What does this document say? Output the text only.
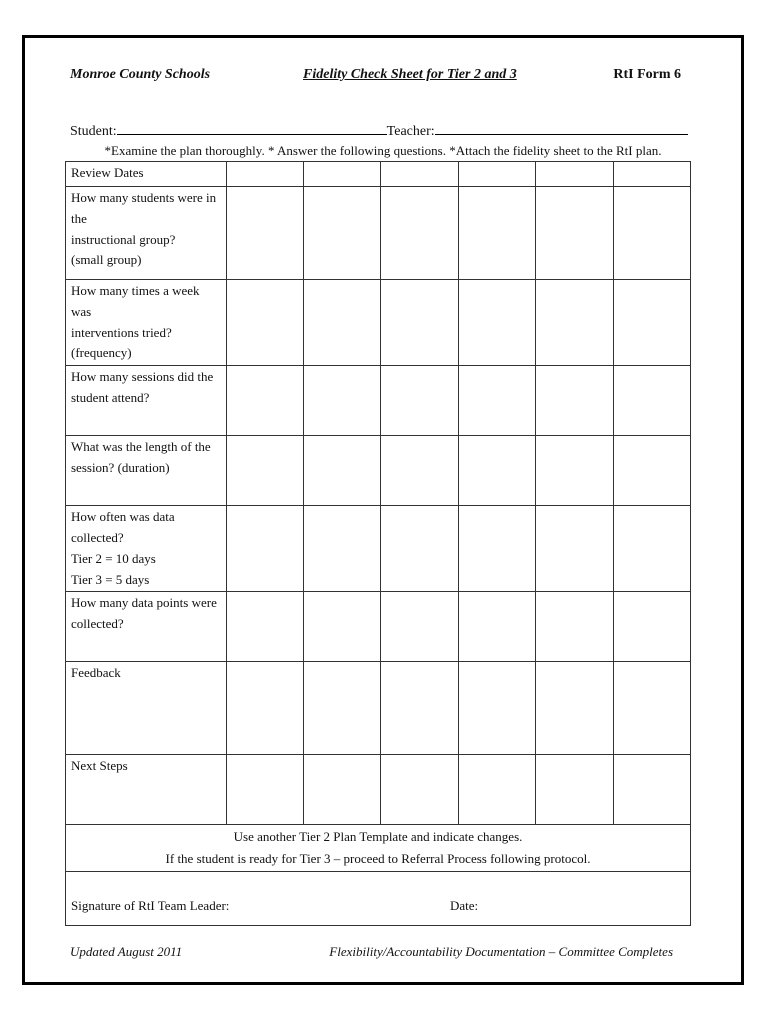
Monroe County Schools	Fidelity Check Sheet for Tier 2 and 3	RtI Form 6
Student:	Teacher:
*Examine the plan thoroughly. * Answer the following questions. *Attach the fidelity sheet to the RtI plan.
Review Dates						

How many students were in the
instructional group?
(small group)						

How many times a week was
interventions tried? (frequency)						

How many sessions did the
student attend?						

What was the length of the
session? (duration)						

How often was data collected?
Tier 2 = 10 days
Tier 3 = 5 days						

How many data points were
collected?						

Feedback						

Next Steps						

Use another Tier 2 Plan Template and indicate changes.
If the student is ready for Tier 3 – proceed to Referral Process following protocol.						

Signature of RtI Team Leader: Date:						
Updated August 2011	Flexibility/Accountability Documentation – Committee Completes
